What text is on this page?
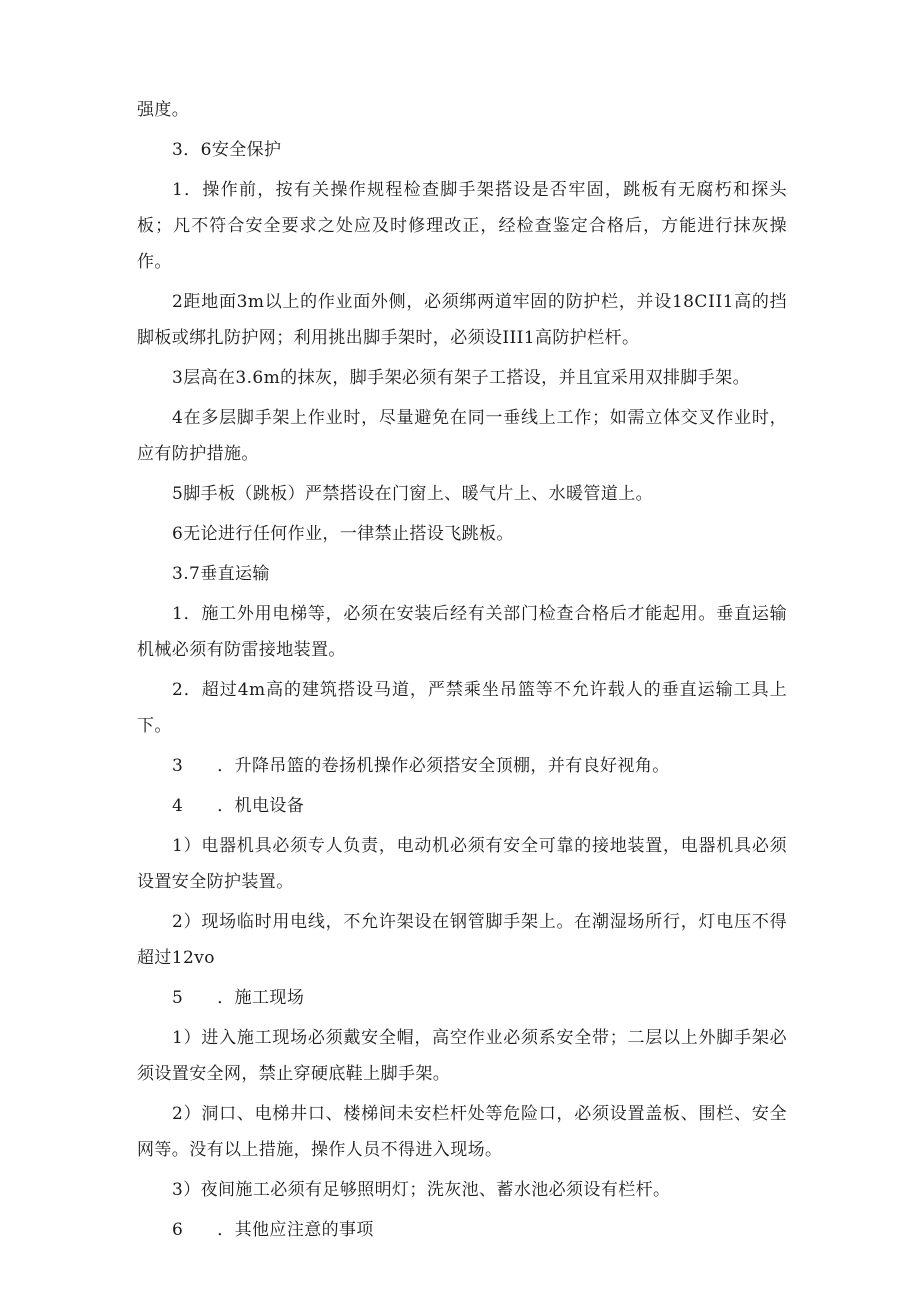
强度。

3．6安全保护

1．操作前，按有关操作规程检查脚手架搭设是否牢固，跳板有无腐朽和探头板；凡不符合安全要求之处应及时修理改正，经检查鉴定合格后，方能进行抹灰操作。

2距地面3m以上的作业面外侧，必须绑两道牢固的防护栏，并设18CⅠI1高的挡脚板或绑扎防护网；利用挑出脚手架时，必须设ⅠⅠI1高防护栏杆。

3层高在3.6m的抹灰，脚手架必须有架子工搭设，并且宜采用双排脚手架。

4在多层脚手架上作业时，尽量避免在同一垂线上工作；如需立体交叉作业时，应有防护措施。

5脚手板（跳板）严禁搭设在门窗上、暖气片上、水暖管道上。

6无论进行任何作业，一律禁止搭设飞跳板。

3.7垂直运输

1．施工外用电梯等，必须在安装后经有关部门检查合格后才能起用。垂直运输机械必须有防雷接地装置。

2．超过4m高的建筑搭设马道，严禁乘坐吊篮等不允许载人的垂直运输工具上下。

3 ．升降吊篮的卷扬机操作必须搭安全顶棚，并有良好视角。

4 ．机电设备

1）电器机具必须专人负责，电动机必须有安全可靠的接地装置，电器机具必须设置安全防护装置。

2）现场临时用电线，不允许架设在钢管脚手架上。在潮湿场所行，灯电压不得超过12vo

5 ．施工现场

1）进入施工现场必须戴安全帽，高空作业必须系安全带；二层以上外脚手架必须设置安全网，禁止穿硬底鞋上脚手架。

2）洞口、电梯井口、楼梯间未安栏杆处等危险口，必须设置盖板、围栏、安全网等。没有以上措施，操作人员不得进入现场。

3）夜间施工必须有足够照明灯；洗灰池、蓄水池必须设有栏杆。

6 ．其他应注意的事项
